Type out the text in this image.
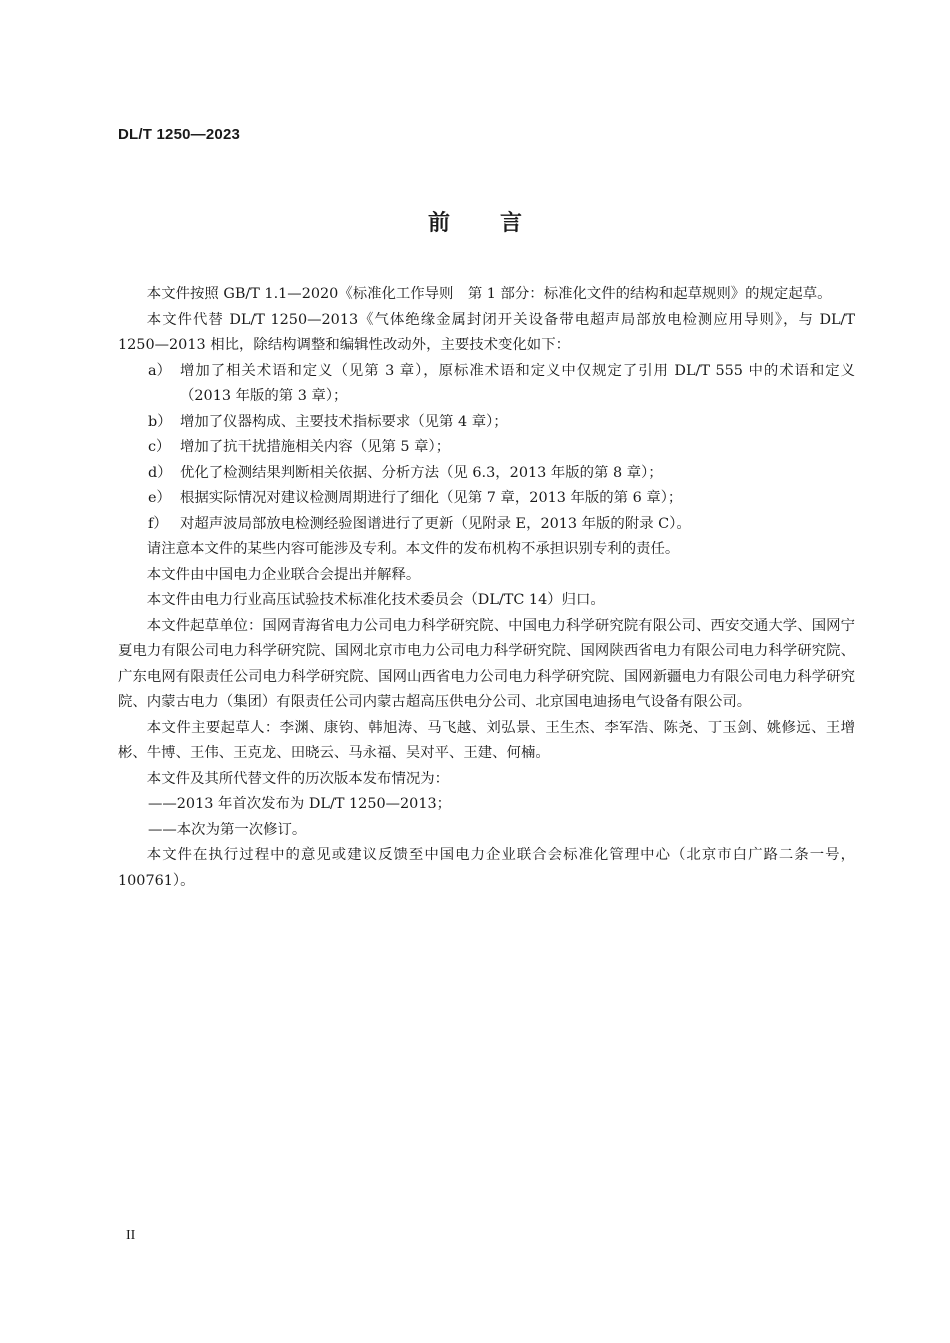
DL/T 1250—2023
前言

本文件按照 GB/T 1.1—2020《标准化工作导则　第 1 部分：标准化文件的结构和起草规则》的规定起草。

本文件代替 DL/T 1250—2013《气体绝缘金属封闭开关设备带电超声局部放电检测应用导则》，与 DL/T 1250—2013 相比，除结构调整和编辑性改动外，主要技术变化如下：

a） 增加了相关术语和定义（见第 3 章），原标准术语和定义中仅规定了引用 DL/T 555 中的术语和定义（2013 年版的第 3 章）；
b） 增加了仪器构成、主要技术指标要求（见第 4 章）；
c） 增加了抗干扰措施相关内容（见第 5 章）；
d） 优化了检测结果判断相关依据、分析方法（见 6.3，2013 年版的第 8 章）；
e） 根据实际情况对建议检测周期进行了细化（见第 7 章，2013 年版的第 6 章）；
f） 对超声波局部放电检测经验图谱进行了更新（见附录 E，2013 年版的附录 C）。

请注意本文件的某些内容可能涉及专利。本文件的发布机构不承担识别专利的责任。

本文件由中国电力企业联合会提出并解释。

本文件由电力行业高压试验技术标准化技术委员会（DL/TC 14）归口。

本文件起草单位：国网青海省电力公司电力科学研究院、中国电力科学研究院有限公司、西安交通大学、国网宁夏电力有限公司电力科学研究院、国网北京市电力公司电力科学研究院、国网陕西省电力有限公司电力科学研究院、广东电网有限责任公司电力科学研究院、国网山西省电力公司电力科学研究院、国网新疆电力有限公司电力科学研究院、内蒙古电力（集团）有限责任公司内蒙古超高压供电分公司、北京国电迪扬电气设备有限公司。

本文件主要起草人：李渊、康钧、韩旭涛、马飞越、刘弘景、王生杰、李军浩、陈尧、丁玉剑、姚修远、王增彬、牛博、王伟、王克龙、田晓云、马永福、吴对平、王建、何楠。

本文件及其所代替文件的历次版本发布情况为：

——2013 年首次发布为 DL/T 1250—2013；
——本次为第一次修订。

本文件在执行过程中的意见或建议反馈至中国电力企业联合会标准化管理中心（北京市白广路二条一号，100761）。

II
